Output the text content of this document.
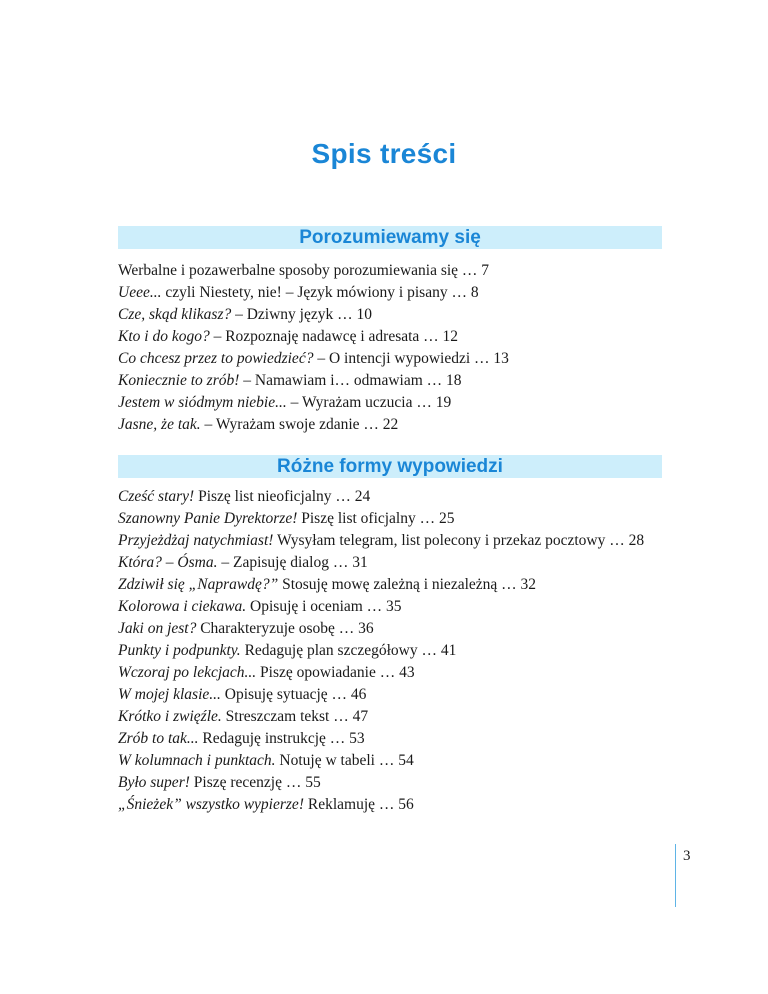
Spis treści
Porozumiewamy się
Werbalne i pozawerbalne sposoby porozumiewania się … 7
Ueee... czyli Niestety, nie! – Język mówiony i pisany … 8
Cze, skąd klikasz? – Dziwny język … 10
Kto i do kogo? – Rozpoznaję nadawcę i adresata … 12
Co chcesz przez to powiedzieć? – O intencji wypowiedzi … 13
Koniecznie to zrób! – Namawiam i… odmawiam … 18
Jestem w siódmym niebie... – Wyrażam uczucia … 19
Jasne, że tak. – Wyrażam swoje zdanie … 22
Różne formy wypowiedzi
Cześć stary! Piszę list nieoficjalny … 24
Szanowny Panie Dyrektorze! Piszę list oficjalny … 25
Przyjeżdżaj natychmiast! Wysyłam telegram, list polecony i przekaz pocztowy … 28
Która? – Ósma. – Zapisuję dialog … 31
Zdziwił się „Naprawdę?” Stosuję mowę zależną i niezależną … 32
Kolorowa i ciekawa. Opisuję i oceniam … 35
Jaki on jest? Charakteryzuje osobę … 36
Punkty i podpunkty. Redaguję plan szczegółowy … 41
Wczoraj po lekcjach... Piszę opowiadanie … 43
W mojej klasie... Opisuję sytuację … 46
Krótko i zwięźle. Streszczam tekst … 47
Zrób to tak... Redaguję instrukcję … 53
W kolumnach i punktach. Notuję w tabeli … 54
Było super! Piszę recenzję … 55
„Śnieżek” wszystko wypierze! Reklamuję … 56
3
